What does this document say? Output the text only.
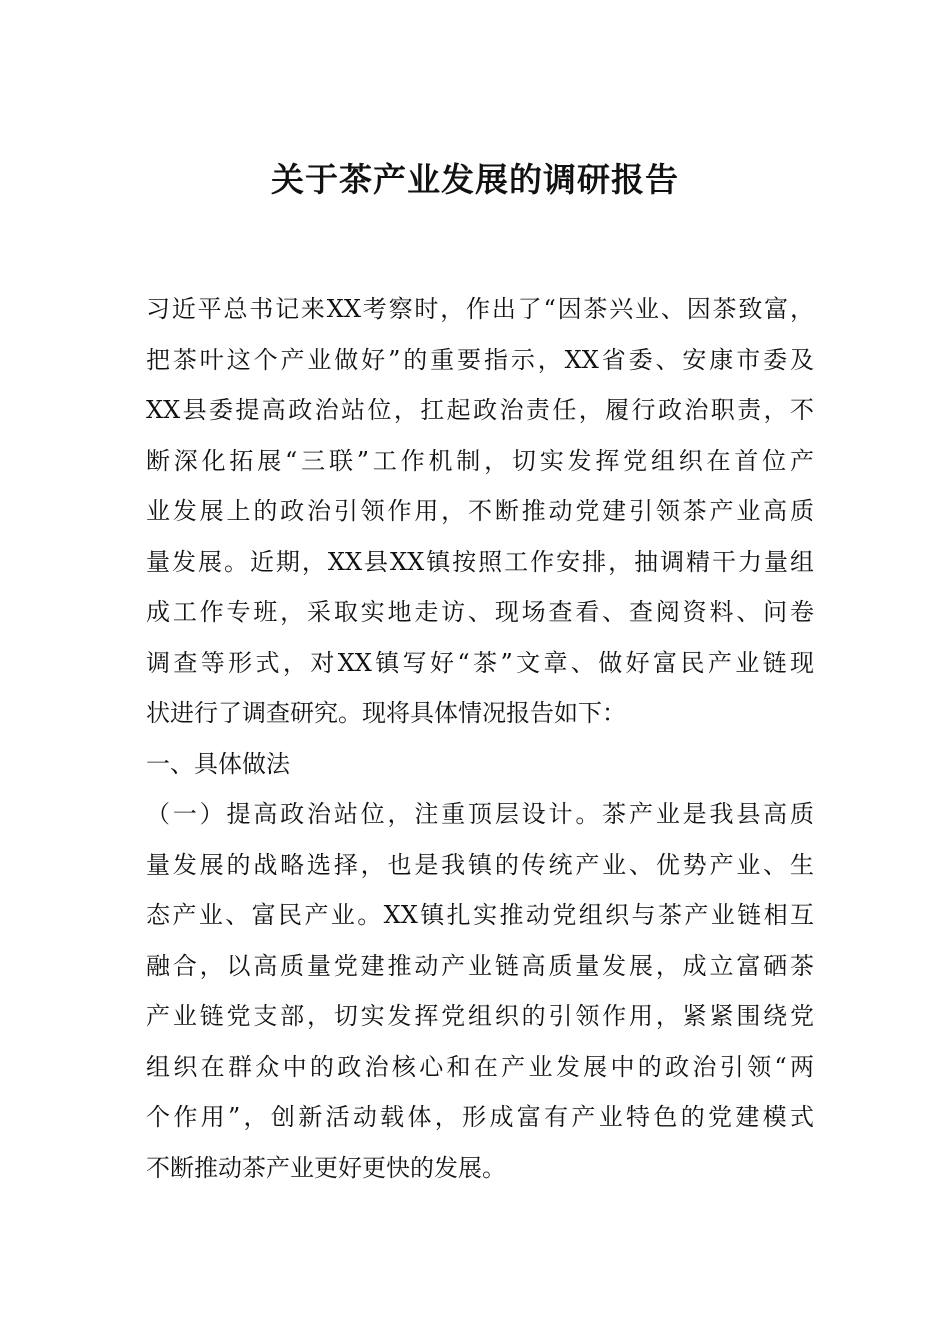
关于茶产业发展的调研报告
习近平总书记来XX考察时，作出了“因茶兴业、因茶致富，
把茶叶这个产业做好”的重要指示，XX省委、安康市委及
XX县委提高政治站位，扛起政治责任，履行政治职责，不
断深化拓展“三联”工作机制，切实发挥党组织在首位产
业发展上的政治引领作用，不断推动党建引领茶产业高质
量发展。近期，XX县XX镇按照工作安排，抽调精干力量组
成工作专班，采取实地走访、现场查看、查阅资料、问卷
调查等形式，对XX镇写好“茶”文章、做好富民产业链现
状进行了调查研究。现将具体情况报告如下：
一、具体做法
（一）提高政治站位，注重顶层设计。茶产业是我县高质
量发展的战略选择，也是我镇的传统产业、优势产业、生
态产业、富民产业。XX镇扎实推动党组织与茶产业链相互
融合，以高质量党建推动产业链高质量发展，成立富硒茶
产业链党支部，切实发挥党组织的引领作用，紧紧围绕党
组织在群众中的政治核心和在产业发展中的政治引领“两
个作用”，创新活动载体，形成富有产业特色的党建模式
不断推动茶产业更好更快的发展。
